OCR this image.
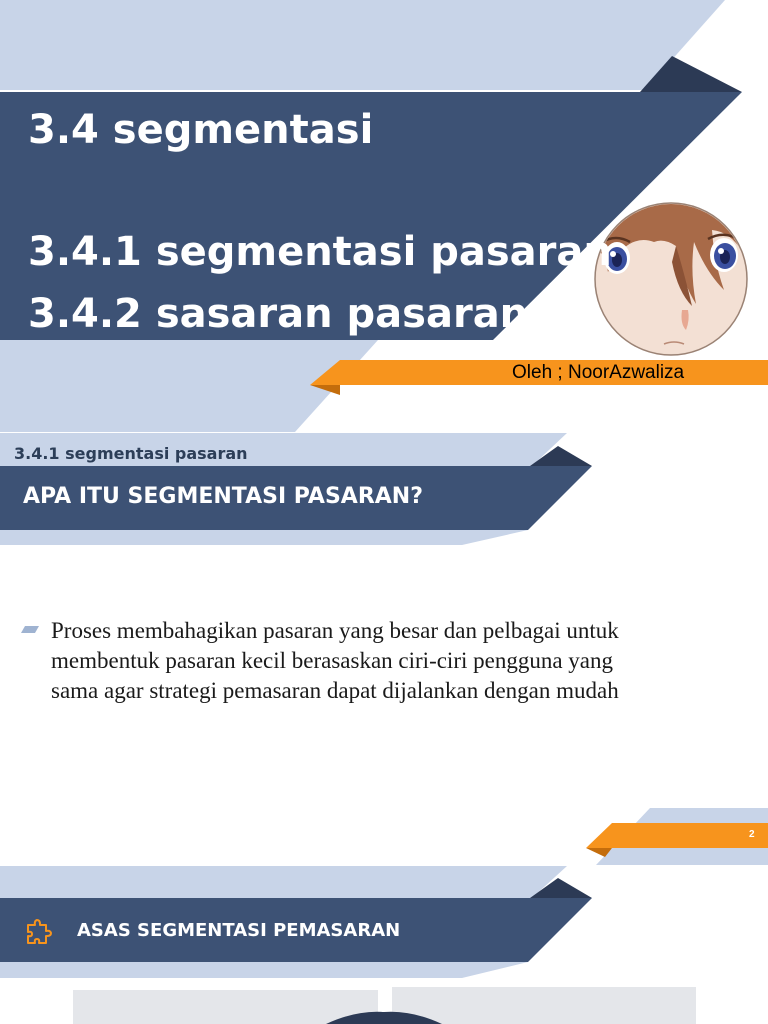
3.4 segmentasi
3.4.1 segmentasi pasaran
3.4.2 sasaran pasaran
Oleh ; NoorAzwaliza
3.4.1 segmentasi pasaran
APA ITU SEGMENTASI PASARAN?
Proses membahagikan pasaran yang besar dan pelbagai untuk
membentuk pasaran kecil berasaskan ciri-ciri pengguna yang
sama agar strategi pemasaran dapat dijalankan dengan mudah
2
ASAS SEGMENTASI PEMASARAN
